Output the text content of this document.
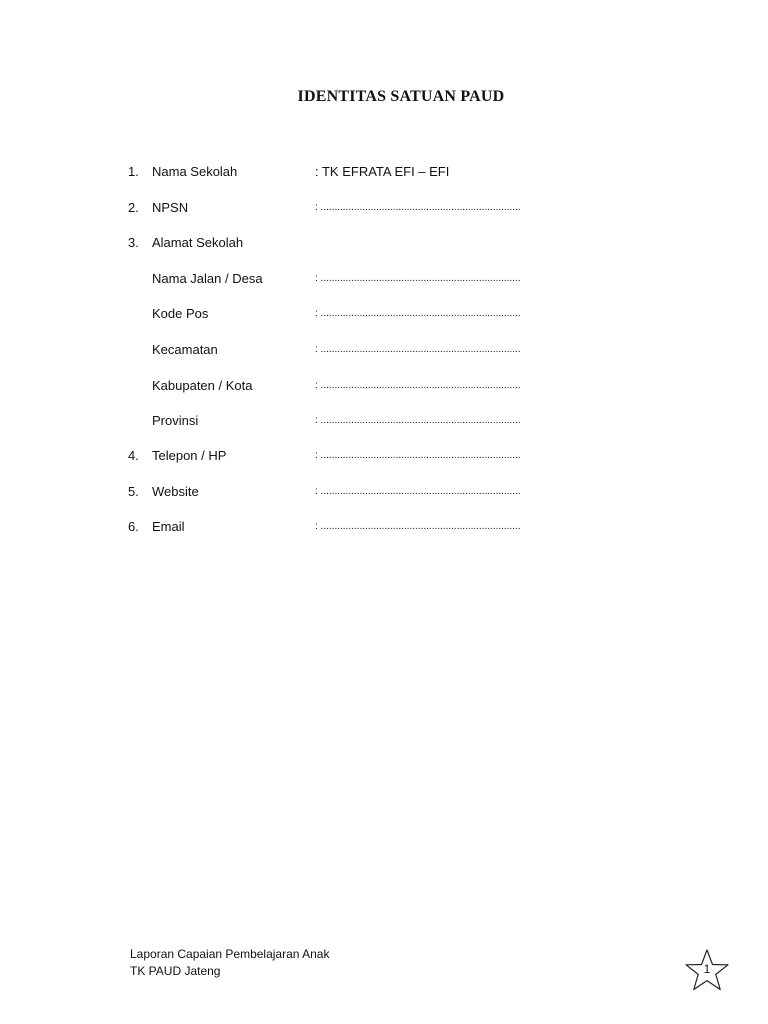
IDENTITAS SATUAN PAUD
1.	Nama Sekolah	: TK EFRATA EFI – EFI
2.	NPSN	: ........................................................................
3.	Alamat Sekolah
Nama Jalan / Desa	: ........................................................................
Kode Pos	: ........................................................................
Kecamatan	: ........................................................................
Kabupaten / Kota	: ........................................................................
Provinsi	: ........................................................................
4.	Telepon / HP	: ........................................................................
5.	Website	: ........................................................................
6.	Email	: ........................................................................
Laporan Capaian Pembelajaran Anak
TK PAUD Jateng	1
